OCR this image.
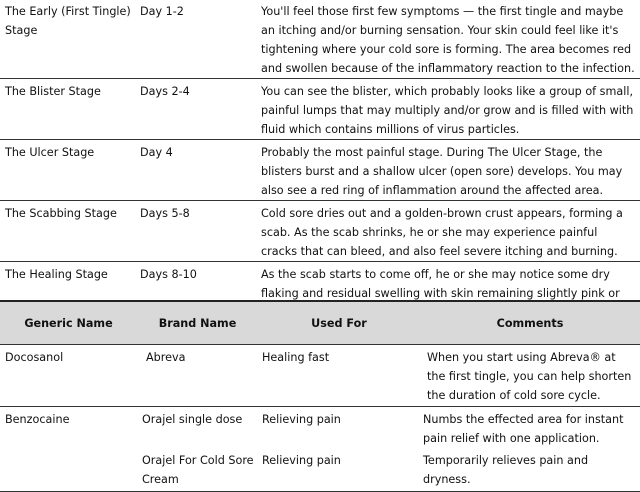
The Early (First Tingle) Stage	Day 1-2	You'll feel those first few symptoms — the first tingle and maybe an itching and/or burning sensation. Your skin could feel like it's tightening where your cold sore is forming. The area becomes red and swollen because of the inflammatory reaction to the infection.
The Blister Stage	Days 2-4	You can see the blister, which probably looks like a group of small, painful lumps that may multiply and/or grow and is filled with with fluid which contains millions of virus particles.
The Ulcer Stage	Day 4	Probably the most painful stage. During The Ulcer Stage, the blisters burst and a shallow ulcer (open sore) develops. You may also see a red ring of inflammation around the affected area.
The Scabbing Stage	Days 5-8	Cold sore dries out and a golden-brown crust appears, forming a scab. As the scab shrinks, he or she may experience painful cracks that can bleed, and also feel severe itching and burning.
The Healing Stage	Days 8-10	As the scab starts to come off, he or she may notice some dry flaking and residual swelling with skin remaining slightly pink or
Generic Name	Brand Name	Used For	Comments
Docosanol	Abreva	Healing fast	When you start using Abreva® at the first tingle, you can help shorten the duration of cold sore cycle.
Benzocaine	Orajel single dose	Relieving pain	Numbs the effected area for instant pain relief with one application.
	Orajel For Cold Sore Cream	Relieving pain	Temporarily relieves pain and dryness.
